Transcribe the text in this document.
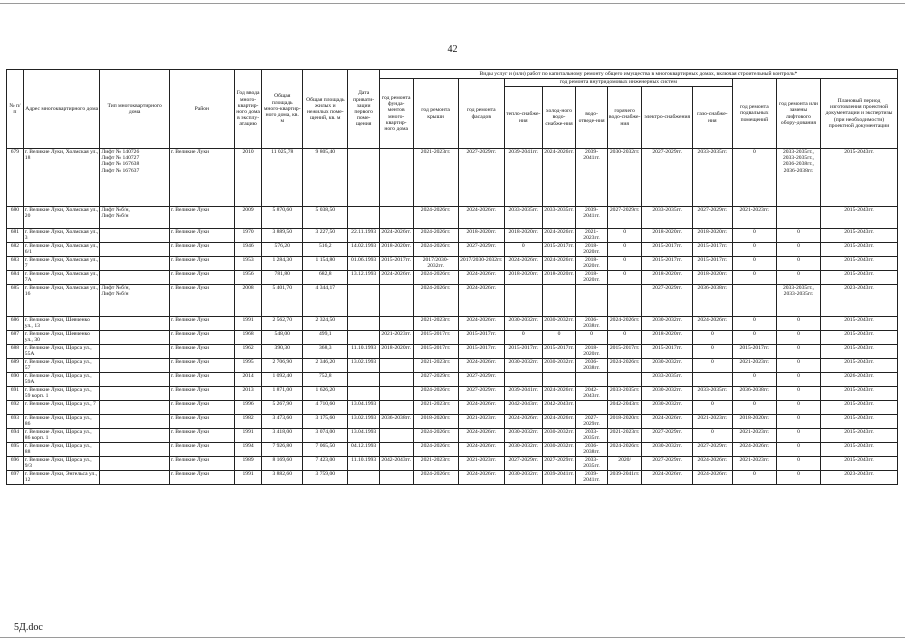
42
№ п/п	Адрес многоквартирного дома	Тип многоквартирного дома	Район	Год ввода много-квартир-ного дома в эксплу-атацию	Общая площадь много-квартир-ного дома, кв. м	Общая площадь жилых и нежилых поме-щений, кв. м	Дата привати-зации первого поме-щения	Виды услуг и (или) работ по капитальному ремонту общего имущества в многоквартирных домах, включая строительный контроль*											
								год ремонта фунда-ментов много-квартир-ного дома	год ремонта крыши	год ремонта фасадов	год ремонта внутридомовых инженерных систем						год ремонта подвальных помещений	год ремонта или замены лифтового обору-дования	Плановый период изготовления проектной документации и экспертизы (при необходимости) проектной документации
											тепло-снабже-ния	холод-ного водо-снабже-ния	водо-отведе-ния	горячего водо-снабже-ния	электро-снабжения	газо-снабже-ния			
679	г. Великие Луки, Холмская ул., 18	Лифт № 140726
Лифт № 140727
Лифт № 167638
Лифт № 167637	г. Великие Луки	2010	11 025,78	9 805,40			2021-2023гг.	2027-2029гг.	2039-2041гг.	2024-2026гг.	2039-2041гг.	2030-2032гг.	2027-2029гг.	2033-2035гг.	0	2033-2035гг.,
2033-2035гг.,
2036-2038гг.,
2036-2038гг.	2015-2043гг.
680	г. Великие Луки, Холмская ул., 20	Лифт №б/н,
Лифт №б/н	г. Великие Луки	2009	5 870,60	5 038,50			2024-2026гг.	2024-2026гг.	2033-2035гг.	2033-2035гг.	2039-2041гг.	2027-2029гг.	2033-2035гг.	2027-2029гг.	2021-2023гг.		2015-2043гг.
681	г. Великие Луки, Холмская ул., 3		г. Великие Луки	1970	3 889,50	3 227,50	22.11.1993	2024-2026гг.	2024-2026гг.	2018-2020гг.	2018-2020гг.	2024-2026гг.	2021-2023гг.	0	2018-2020гг.	2018-2020гг.	0	0	2015-2043гг.
682	г. Великие Луки, Холмская ул., 6/1		г. Великие Луки	1946	576,20	516,2	14.02.1993	2018-2020гг.	2024-2026гг.	2027-2029гг.	0	2015-2017гг.	2018-2020гг.	0	2015-2017гг.	2015-2017гг.	0	0	2015-2043гг.
683	г. Великие Луки, Холмская ул., 7		г. Великие Луки	1953	1 284,30	1 154,80	01.06.1993	2015-2017гг.	2017/2030-2032гг.	2017/2030-2032гг.	2024-2026гг.	2024-2026гг.	2018-2020гг.	0	2015-2017гг.	2015-2017гг.	0	0	2015-2043гг.
684	г. Великие Луки, Холмская ул., 7А		г. Великие Луки	1956	781,80	682,8	13.12.1993	2024-2026гг.	2024-2026гг.	2024-2026гг.	2018-2020гг.	2018-2020гг.	2018-2020гг.	0	2018-2020гг.	2018-2020гг.	0	0	2015-2043гг.
685	г. Великие Луки, Холмская ул., 16	Лифт №б/н,
Лифт №б/н	г. Великие Луки	2008	5 401,70	4 344,17			2024-2026гг.	2024-2026гг.					2027-2029гг.	2036-2038гг.		2033-2035гг.,
2033-2035гг.	2023-2043гг.
686	г. Великие Луки, Шевченко ул., 13		г. Великие Луки	1991	2 562,70	2 324,50			2021-2023гг.	2024-2026гг.	2030-2032гг.	2030-2032гг.	2036-2038гг.	2024-2026гг.	2030-2032гг.	2024-2026гг.	0	0	2015-2043гг.
687	г. Великие Луки, Шевченко ул., 30		г. Великие Луки	1968	548,00	499,1		2021-2023гг.	2015-2017гг.	2015-2017гг.	0	0	0	0	2018-2020гг.	0	0	0	2015-2043гг.
688	г. Великие Луки, Щорса ул., 55А		г. Великие Луки	1962	390,30	368,3	11.10.1993	2018-2020гг.	2015-2017гг.	2015-2017гг.	2015-2017гг.	2015-2017гг.	2018-2020гг.	2015-2017гг.	2015-2017гг.	0	2015-2017гг.	0	2015-2043гг.
689	г. Великие Луки, Щорса ул., 57		г. Великие Луки	1995	2 706,90	2 346,20	13.02.1993		2021-2023гг.	2024-2026гг.	2030-2032гг.	2030-2032гг.	2036-2038гг.	2024-2026гг.	2030-2032гг.	0	2021-2023гг.	0	2015-2043гг.
690	г. Великие Луки, Щорса ул., 59А		г. Великие Луки	2014	1 092,40	752,8			2027-2029гг.	2027-2029гг.					2033-2035гг.		0	0	2026-2043гг.
691	г. Великие Луки, Щорса ул., 59 корп. 1		г. Великие Луки	2013	1 871,00	1 626,20			2024-2026гг.	2027-2029гг.	2039-2041гг.	2024-2026гг.	2042-2043гг.	2033-2035гг.	2030-2032гг.	2033-2035гг.	2036-2038гг.	0	2015-2043гг.
692	г. Великие Луки, Щорса ул., 7		г. Великие Луки	1996	5 267,90	4 710,60	13.04.1993		2021-2023гг.	2024-2026гг.	2042-2043гг.	2042-2043гг.		2042-2043гг.	2030-2032гг.	0	0	0	2015-2043гг.
693	г. Великие Луки, Щорса ул., 86		г. Великие Луки	1982	3 473,60	3 175,60	13.02.1993	2036-2038гг.	2018-2020гг.	2021-2023гг.	2024-2026гг.	2024-2026гг.	2027-2029гг.	2018-2020гг.	2024-2026гг.	2021-2023гг.	2018-2020гг.	0	2015-2043гг.
694	г. Великие Луки, Щорса ул., 86 корп. 1		г. Великие Луки	1991	3 418,00	3 074,00	13.04.1993		2024-2026гг.	2024-2026гг.	2030-2032гг.	2030-2032гг.	2033-2035гг.	2021-2023гг.	2027-2029гг.	0	2021-2023гг.	0	2015-2043гг.
695	г. Великие Луки, Щорса ул., 88		г. Великие Луки	1994	7 926,80	7 065,50	04.12.1993		2024-2026гг.	2024-2026гг.	2030-2032гг.	2030-2032гг.	2036-2038гг.	2024-2026гг.	2030-2032гг.	2027-2029гг.	2024-2026гг.	0	2015-2043гг.
696	г. Великие Луки, Щорса ул., 9/3		г. Великие Луки	1989	8 169,60	7 423,00	11.10.1993	2042-2043гг.	2021-2023гг.	2021-2023гг.	2027-2029гг.	2027-2029гг.	2033-2035гг.	2020/	2027-2029гг.	2024-2026гг.	2021-2023гг.	0	2015-2043гг.
697	г. Великие Луки, Энгельса ул., 12		г. Великие Луки	1991	3 882,60	3 759,00			2024-2026гг.	2024-2026гг.	2030-2032гг.	2039-2041гг.	2039-2041гг.	2039-2041гг.	2024-2026гг.	2024-2026гг.	0	0	2023-2043гг.
5Д.doc
